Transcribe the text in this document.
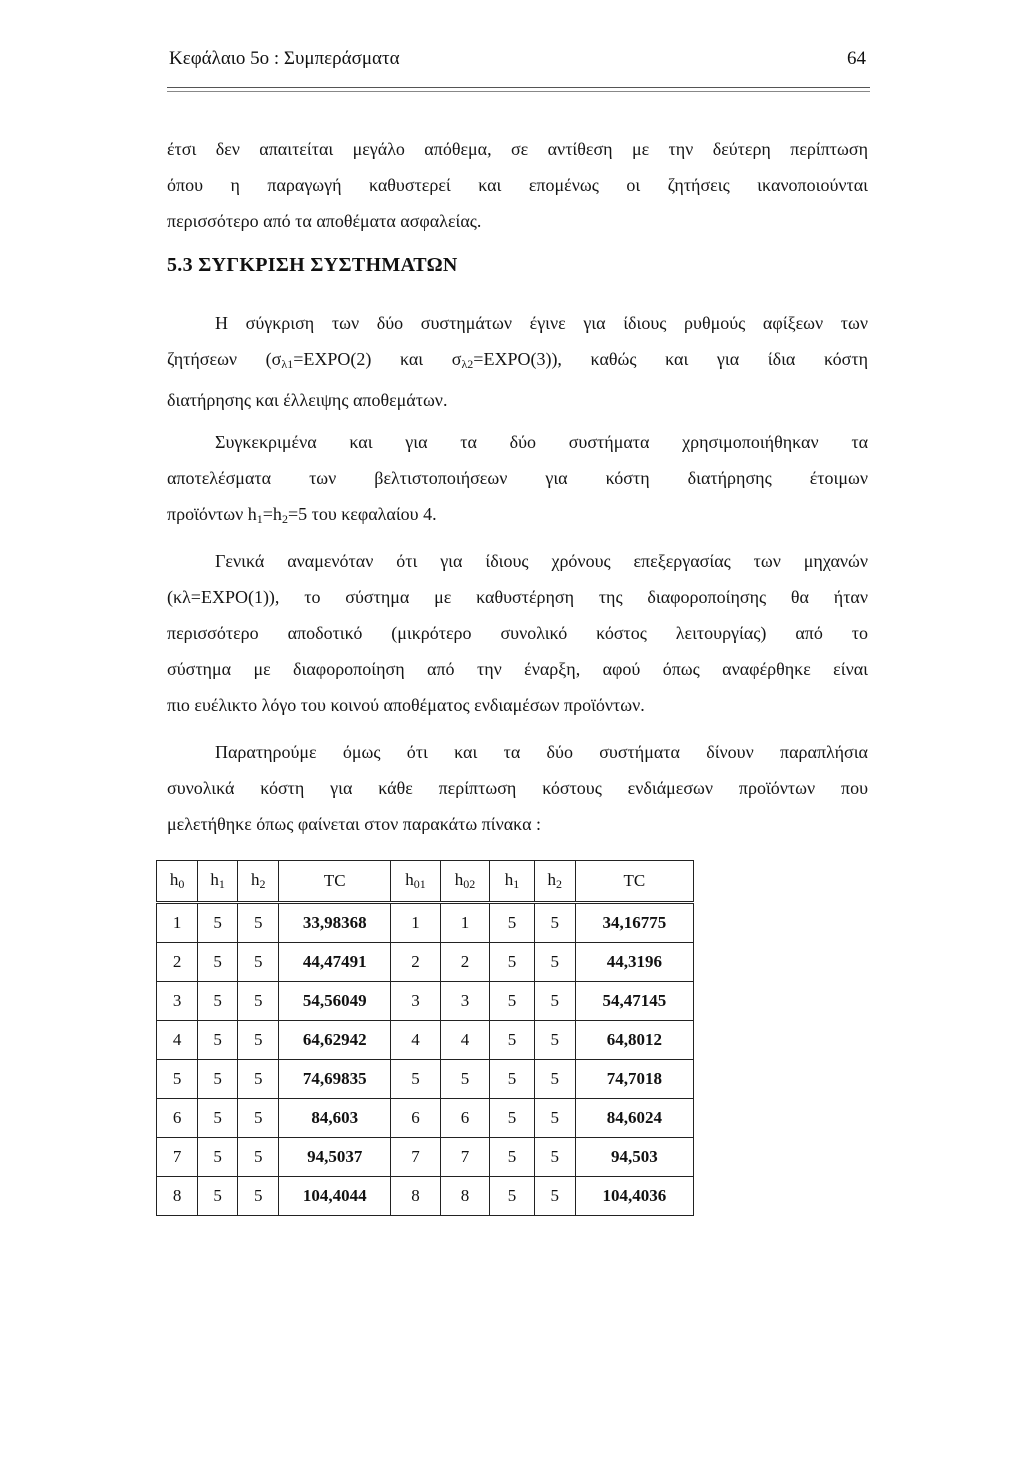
Κεφάλαιο 5ο : Συμπεράσματα	64
έτσι δεν απαιτείται μεγάλο απόθεμα, σε αντίθεση με την δεύτερη περίπτωση
όπου η παραγωγή καθυστερεί και επομένως οι ζητήσεις ικανοποιούνται
περισσότερο από τα αποθέματα ασφαλείας.
5.3 ΣΥΓΚΡΙΣΗ ΣΥΣΤΗΜΑΤΩΝ
Η σύγκριση των δύο συστημάτων έγινε για ίδιους ρυθμούς αφίξεων των
ζητήσεων ($\sigma_{\lambda 1}=EXPO(2)$ και $\sigma_{\lambda 2}=EXPO(3)$), καθώς και για ίδια κόστη
διατήρησης και έλλειψης αποθεμάτων.
Συγκεκριμένα και για τα δύο συστήματα χρησιμοποιήθηκαν τα
αποτελέσματα των βελτιστοποιήσεων για κόστη διατήρησης έτοιμων
προϊόντων $h_1=h_2=5$ του κεφαλαίου 4.
Γενικά αναμενόταν ότι για ίδιους χρόνους επεξεργασίας των μηχανών
(κλ=EXPO(1)), το σύστημα με καθυστέρηση της διαφοροποίησης θα ήταν
περισσότερο αποδοτικό (μικρότερο συνολικό κόστος λειτουργίας) από το
σύστημα με διαφοροποίηση από την έναρξη, αφού όπως αναφέρθηκε είναι
πιο ευέλικτο λόγο του κοινού αποθέματος ενδιαμέσων προϊόντων.
Παρατηρούμε όμως ότι και τα δύο συστήματα δίνουν παραπλήσια
συνολικά κόστη για κάθε περίπτωση κόστους ενδιάμεσων προϊόντων που
μελετήθηκε όπως φαίνεται στον παρακάτω πίνακα :
$h_0$	$h_1$	$h_2$	TC	$h_{01}$	$h_{02}$	$h_1$	$h_2$	TC
1	5	5	33,98368	1	1	5	5	34,16775
2	5	5	44,47491	2	2	5	5	44,3196
3	5	5	54,56049	3	3	5	5	54,47145
4	5	5	64,62942	4	4	5	5	64,8012
5	5	5	74,69835	5	5	5	5	74,7018
6	5	5	84,603	6	6	5	5	84,6024
7	5	5	94,5037	7	7	5	5	94,503
8	5	5	104,4044	8	8	5	5	104,4036
